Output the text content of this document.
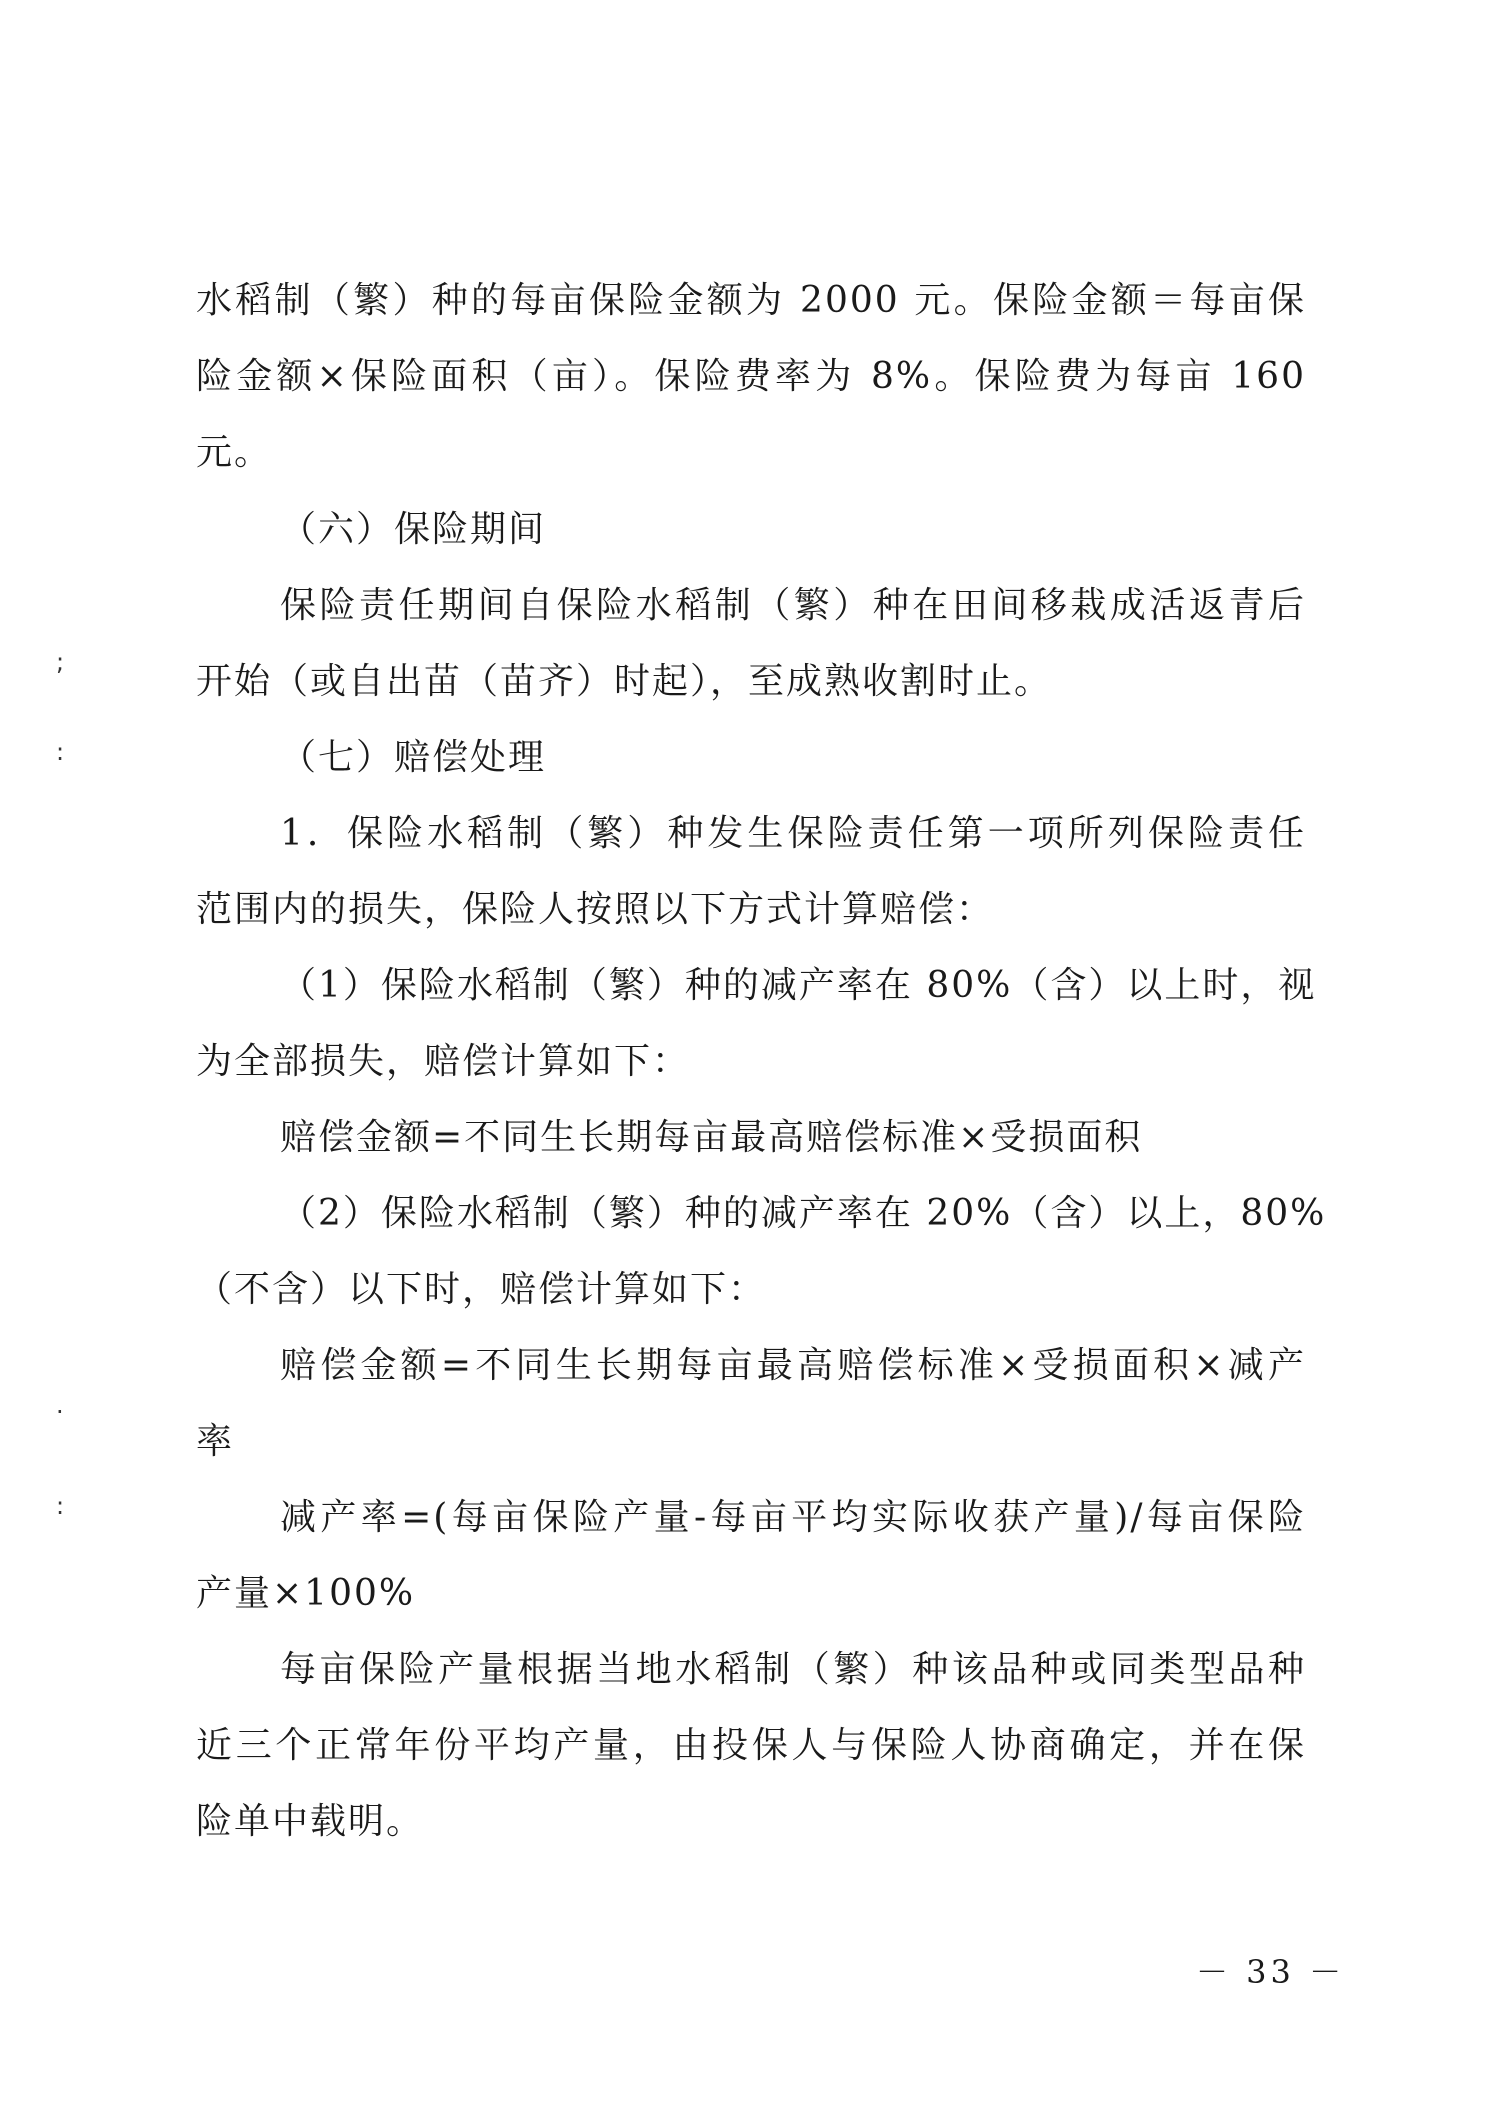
水稻制（繁）种的每亩保险金额为 2000 元。保险金额＝每亩保
险金额×保险面积（亩）。保险费率为 8%。保险费为每亩 160
元。
（六）保险期间
保险责任期间自保险水稻制（繁）种在田间移栽成活返青后
开始（或自出苗（苗齐）时起），至成熟收割时止。
（七）赔偿处理
1．保险水稻制（繁）种发生保险责任第一项所列保险责任
范围内的损失，保险人按照以下方式计算赔偿：
（1）保险水稻制（繁）种的减产率在 80%（含）以上时，视
为全部损失，赔偿计算如下：
赔偿金额=不同生长期每亩最高赔偿标准×受损面积
（2）保险水稻制（繁）种的减产率在 20%（含）以上，80%
（不含）以下时，赔偿计算如下：
赔偿金额=不同生长期每亩最高赔偿标准×受损面积×减产
率
减产率=(每亩保险产量-每亩平均实际收获产量)/每亩保险
产量×100%
每亩保险产量根据当地水稻制（繁）种该品种或同类型品种
近三个正常年份平均产量，由投保人与保险人协商确定，并在保
险单中载明。
;
:
·
:
－ 33 －
